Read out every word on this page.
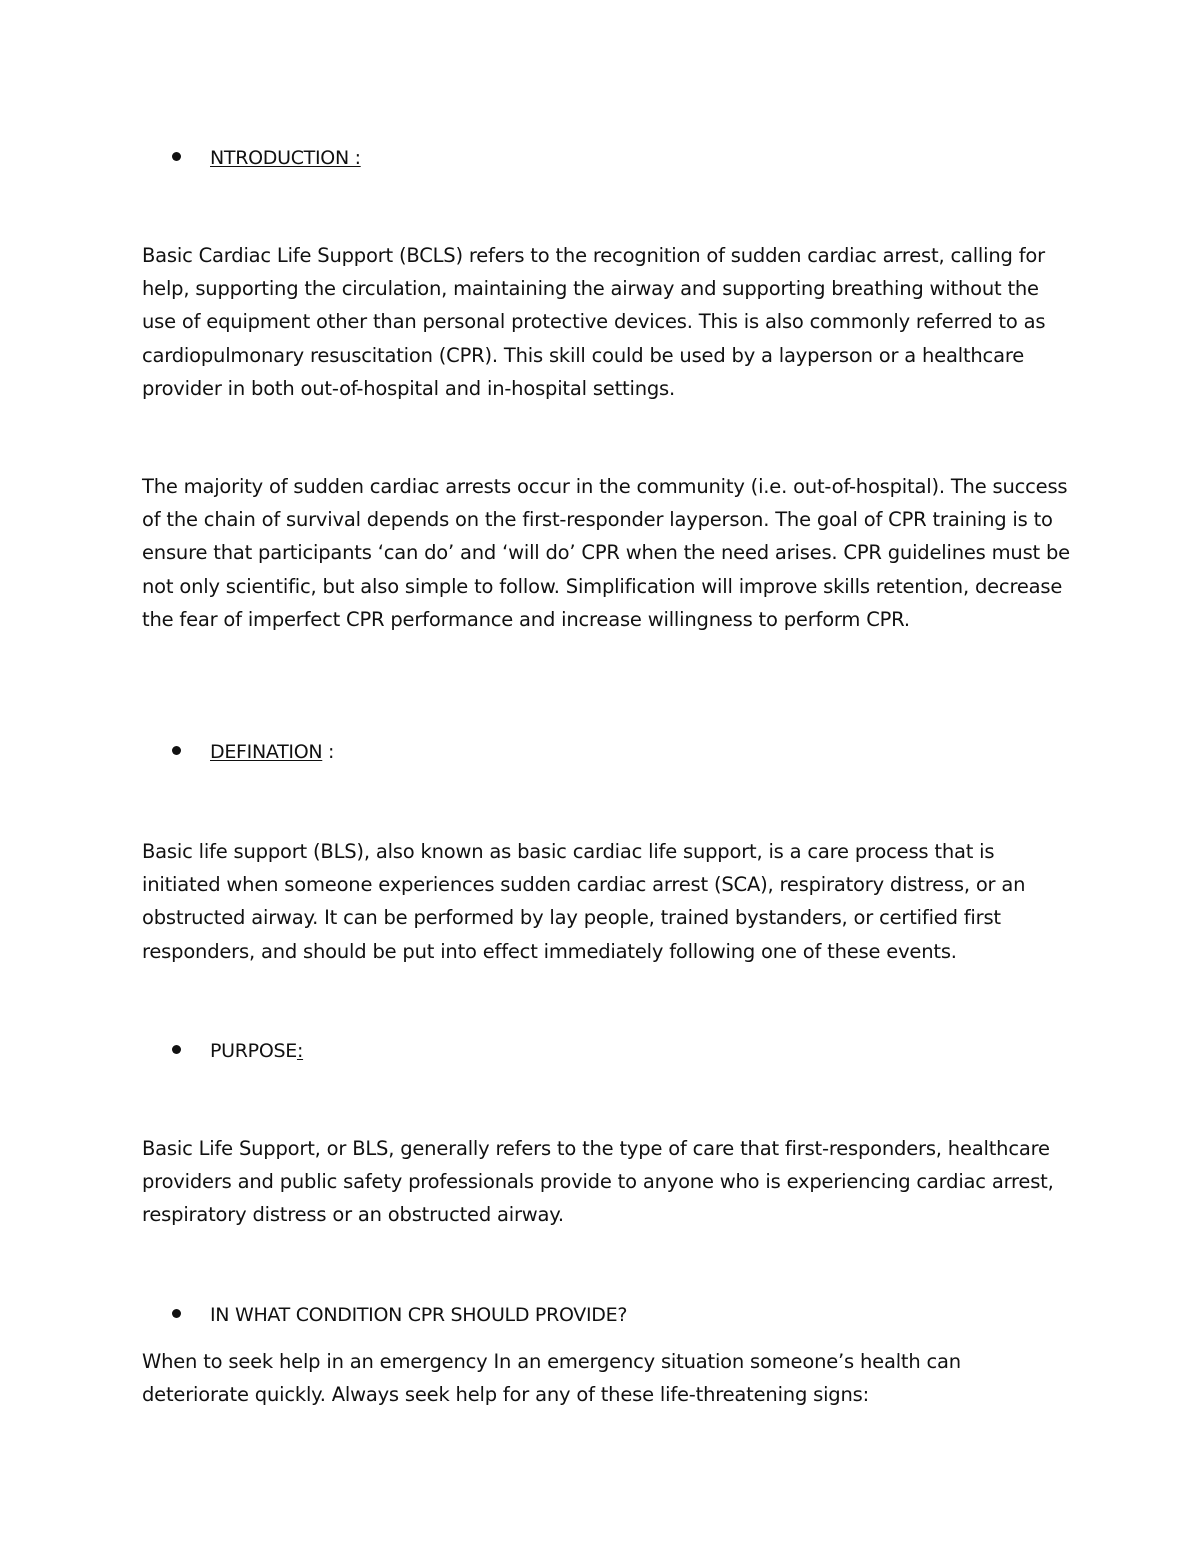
NTRODUCTION :

Basic Cardiac Life Support (BCLS) refers to the recognition of sudden cardiac arrest, calling for help, supporting the circulation, maintaining the airway and supporting breathing without the use of equipment other than personal protective devices. This is also commonly referred to as cardiopulmonary resuscitation (CPR). This skill could be used by a layperson or a healthcare provider in both out-of-hospital and in-hospital settings.

The majority of sudden cardiac arrests occur in the community (i.e. out-of-hospital). The success of the chain of survival depends on the first-responder layperson. The goal of CPR training is to ensure that participants ‘can do’ and ‘will do’ CPR when the need arises. CPR guidelines must be not only scientific, but also simple to follow. Simplification will improve skills retention, decrease the fear of imperfect CPR performance and increase willingness to perform CPR.

DEFINATION :

Basic life support (BLS), also known as basic cardiac life support, is a care process that is initiated when someone experiences sudden cardiac arrest (SCA), respiratory distress, or an obstructed airway. It can be performed by lay people, trained bystanders, or certified first responders, and should be put into effect immediately following one of these events.

PURPOSE:

Basic Life Support, or BLS, generally refers to the type of care that first-responders, healthcare providers and public safety professionals provide to anyone who is experiencing cardiac arrest, respiratory distress or an obstructed airway.

IN WHAT CONDITION CPR SHOULD PROVIDE?

When to seek help in an emergency In an emergency situation someone’s health can deteriorate quickly. Always seek help for any of these life-threatening signs:
